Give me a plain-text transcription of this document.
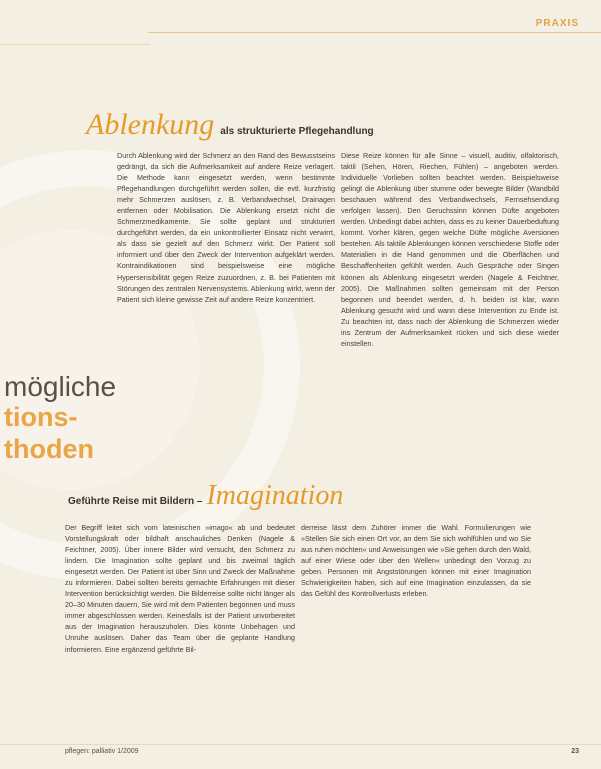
PRAXIS
Ablenkung als strukturierte Pflegehandlung
Durch Ablenkung wird der Schmerz an den Rand des Bewusstseins gedrängt, da sich die Aufmerksamkeit auf andere Reize verlagert. Die Methode kann eingesetzt werden, wenn bestimmte Pflegehandlungen durchgeführt werden sollen, die evtl. kurzfristig mehr Schmerzen auslösen, z. B. Verbandwechsel, Drainagen entfernen oder Mobilisation. Die Ablenkung ersetzt nicht die Schmerzmedikamente. Sie sollte geplant und strukturiert durchgeführt werden, da ein unkontrollierter Einsatz nicht verwirrt, als dass sie gezielt auf den Schmerz wirkt. Der Patient soll informiert und über den Zweck der Intervention aufgeklärt werden. Kontraindikationen sind beispielsweise eine mögliche Hypersensibilität gegen Reize zuzuordnen, z. B. bei Patienten mit Störungen des zentralen Nervensystems. Ablenkung wirkt, wenn der Patient sich kleine gewisse Zeit auf andere Reize konzentriert.
Diese Reize können für alle Sinne – visuell, auditiv, olfaktorisch, taktil (Sehen, Hören, Riechen, Fühlen) – angeboten werden. Individuelle Vorlieben sollten beachtet werden. Beispielsweise gelingt die Ablenkung über stumme oder bewegte Bilder (Wandbild beschauen während des Verbandwechsels, Fernsehsendung verfolgen lassen). Den Geruchssinn können Düfte angeboten werden. Unbedingt dabei achten, dass es zu keiner Dauerbeduftung kommt. Vorher klären, gegen welche Düfte mögliche Aversionen bestehen. Als taktile Ablenkungen können verschiedene Stoffe oder Materialien in die Hand genommen und die Oberflächen und Beschaffenheiten gefühlt werden. Auch Gespräche oder Singen können als Ablenkung eingesetzt werden (Nagele & Feichtner, 2005). Die Maßnahmen sollten gemeinsam mit der Person begonnen und beendet werden, d. h. beiden ist klar, wann Ablenkung gesucht wird und wann diese Intervention zu Ende ist. Zu beachten ist, dass nach der Ablenkung die Schmerzen wieder ins Zentrum der Aufmerksamkeit rücken und sich diese wieder einstellen.
mögliche
tions-
thoden
Geführte Reise mit Bildern – Imagination
Der Begriff leitet sich vom lateinischen »imago« ab und bedeutet Vorstellungskraft oder bildhaft anschauliches Denken (Nagele & Feichtner, 2005). Über innere Bilder wird versucht, den Schmerz zu lindern. Die Imagination sollte geplant und bis zweimal täglich eingesetzt werden. Der Patient ist über Sinn und Zweck der Maßnahme zu informieren. Dabei sollten bereits gemachte Erfahrungen mit dieser Intervention berücksichtigt werden. Die Bilderreise sollte nicht länger als 20–30 Minuten dauern, Sie wird mit dem Patienten begonnen und muss immer abgeschlossen werden. Keinesfalls ist der Patient unvorbereitet aus der Imagination herauszuholen. Dies könnte Unbehagen und Unruhe auslösen. Daher das Team über die geplante Handlung informieren. Eine ergänzend geführte Bil-
derreise lässt dem Zuhörer immer die Wahl. Formulierungen wie »Stellen Sie sich einen Ort vor, an dem Sie sich wohlfühlen und wo Sie aus ruhen möchten« und Anweisungen wie »Sie gehen durch den Wald, auf einer Wiese oder über den Wellen« unbedingt den Vorzug zu geben. Personen mit Angststörungen können mit einer Imagination Schwierigkeiten haben, sich auf eine Imagination einzulassen, da sie das Gefühl des Kontrollverlusts erleben.
pflegen: palliativ 1/2009	23
